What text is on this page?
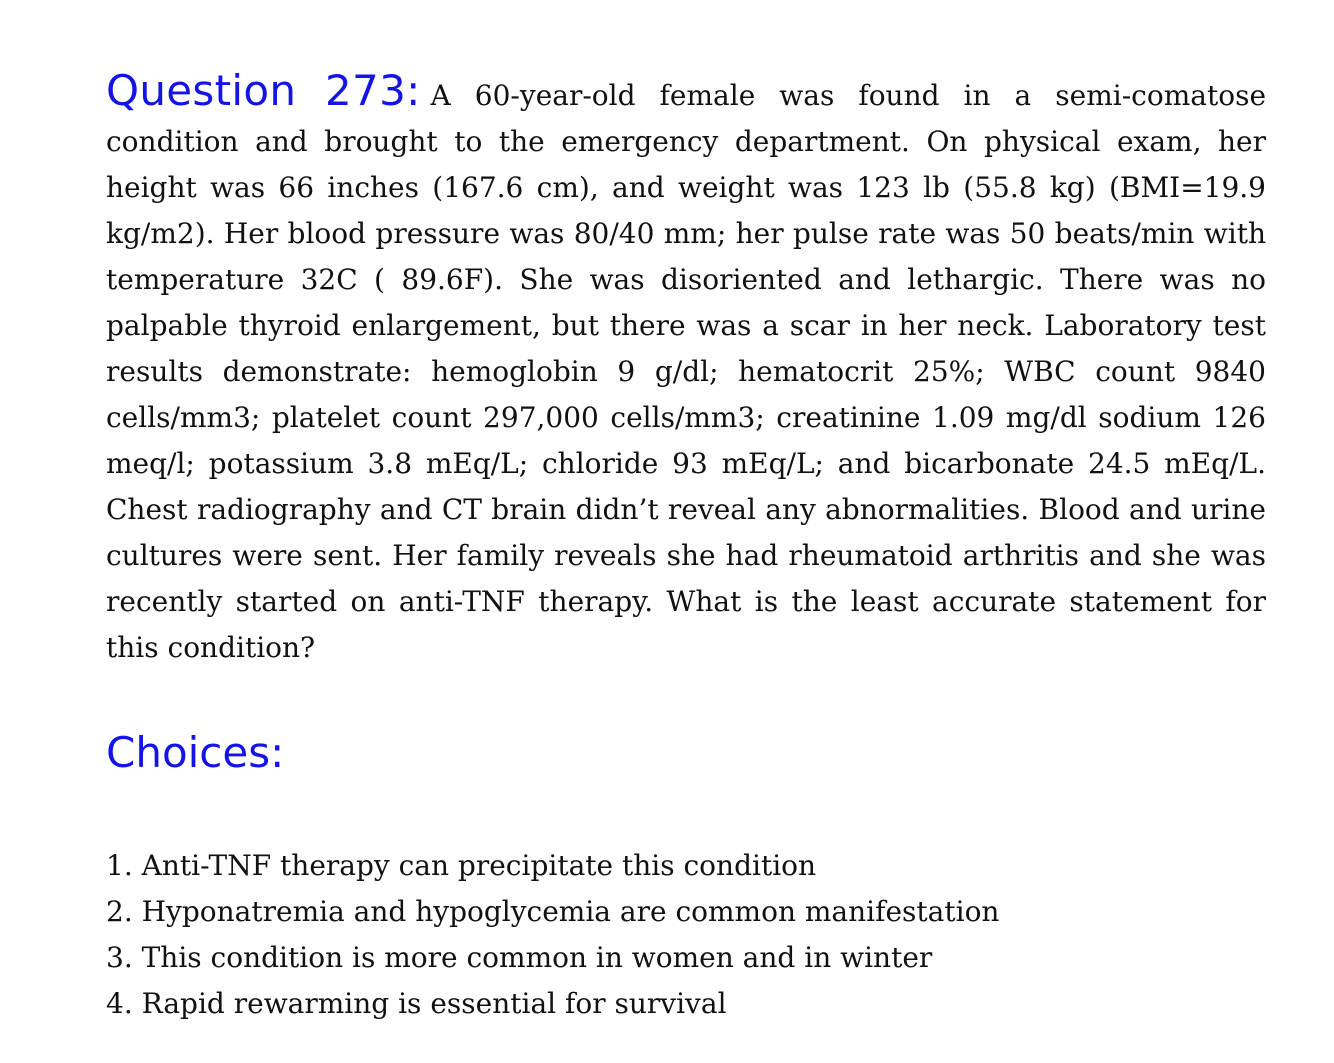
Question 273: A 60-year-old female was found in a semi-comatose condition and brought to the emergency department. On physical exam, her height was 66 inches (167.6 cm), and weight was 123 lb (55.8 kg) (BMI=19.9 kg/m2). Her blood pressure was 80/40 mm; her pulse rate was 50 beats/min with temperature 32C ( 89.6F). She was disoriented and lethargic. There was no palpable thyroid enlargement, but there was a scar in her neck. Laboratory test results demonstrate: hemoglobin 9 g/dl; hematocrit 25%; WBC count 9840 cells/mm3; platelet count 297,000 cells/mm3; creatinine 1.09 mg/dl sodium 126 meq/l; potassium 3.8 mEq/L; chloride 93 mEq/L; and bicarbonate 24.5 mEq/L. Chest radiography and CT brain didn’t reveal any abnormalities. Blood and urine cultures were sent. Her family reveals she had rheumatoid arthritis and she was recently started on anti-TNF therapy. What is the least accurate statement for this condition?

Choices:
1. Anti-TNF therapy can precipitate this condition
2. Hyponatremia and hypoglycemia are common manifestation
3. This condition is more common in women and in winter
4. Rapid rewarming is essential for survival
